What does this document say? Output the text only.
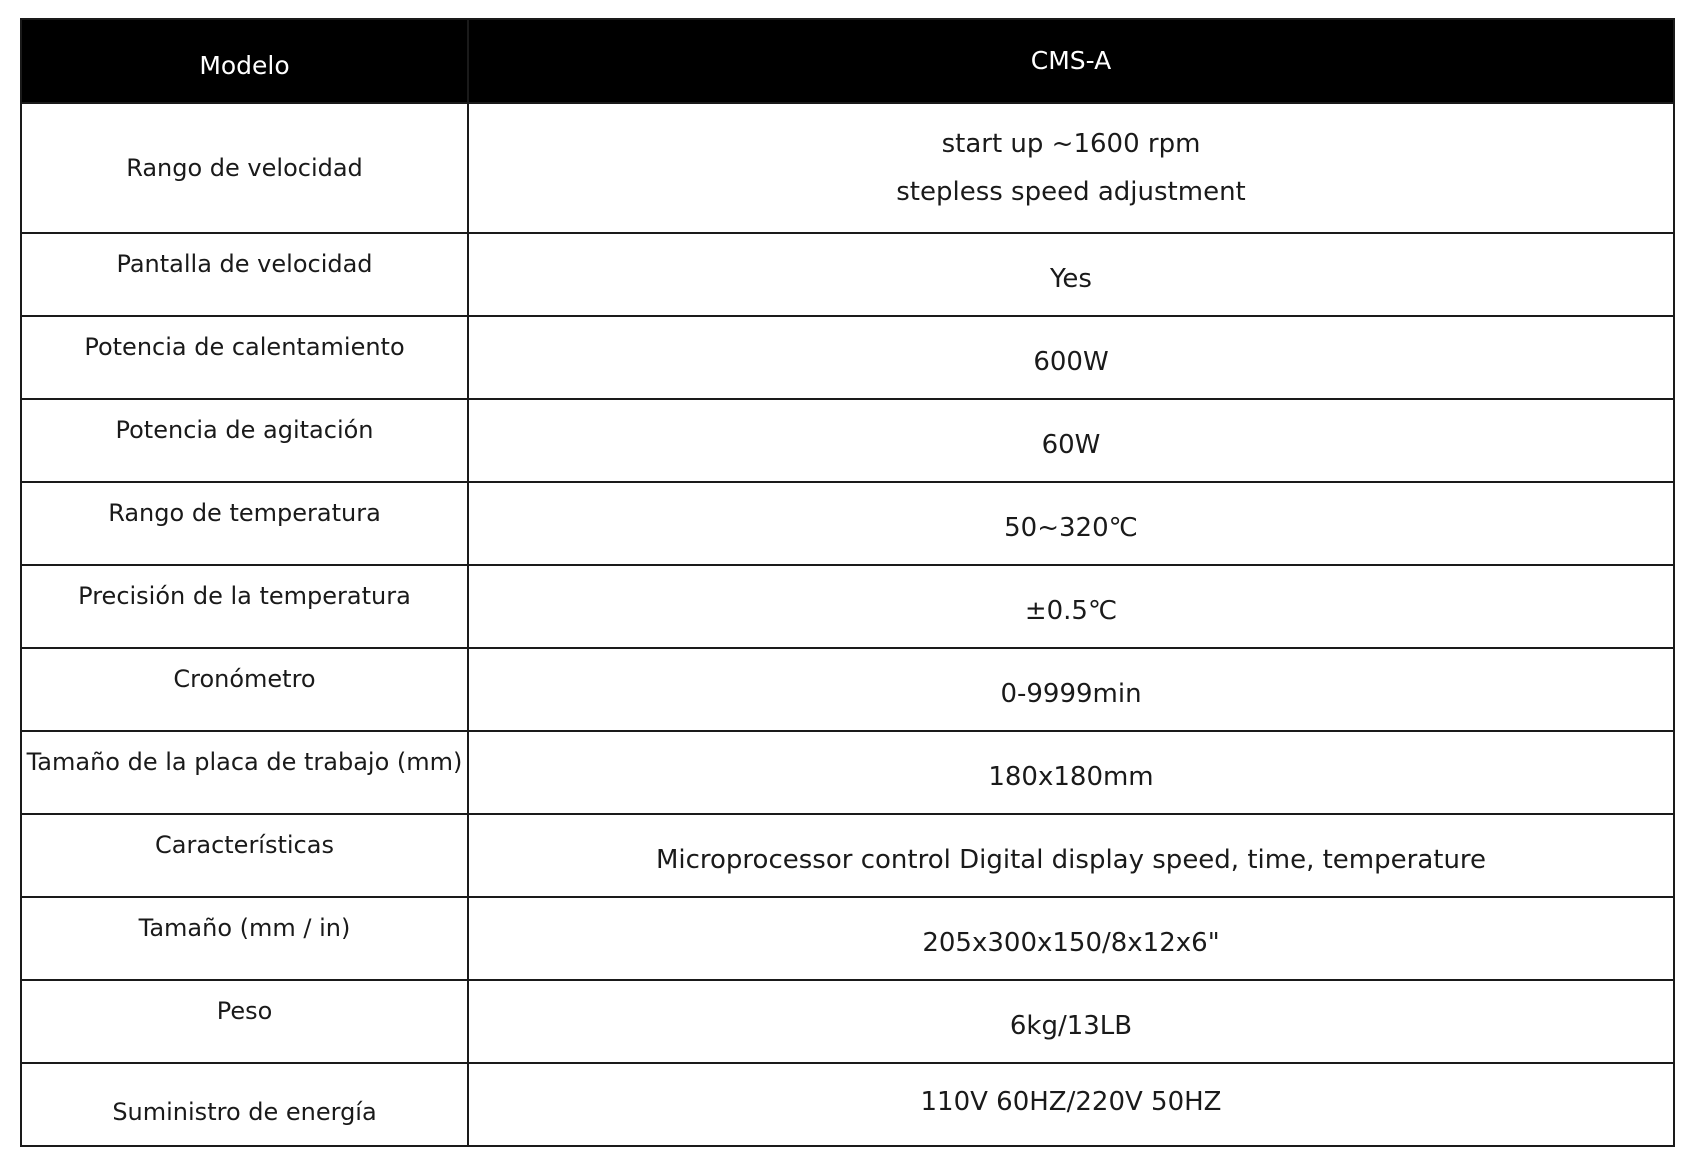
Modelo	CMS-A
Rango de velocidad	start up ~1600 rpm
stepless speed adjustment

Pantalla de velocidad	Yes
Potencia de calentamiento	600W
Potencia de agitación	60W
Rango de temperatura	50~320℃
Precisión de la temperatura	±0.5℃
Cronómetro	0-9999min
Tamaño de la placa de trabajo (mm)	180x180mm
Características	Microprocessor control Digital display speed, time, temperature
Tamaño (mm / in)	205x300x150/8x12x6"
Peso	6kg/13LB
Suministro de energía	110V 60HZ/220V 50HZ
